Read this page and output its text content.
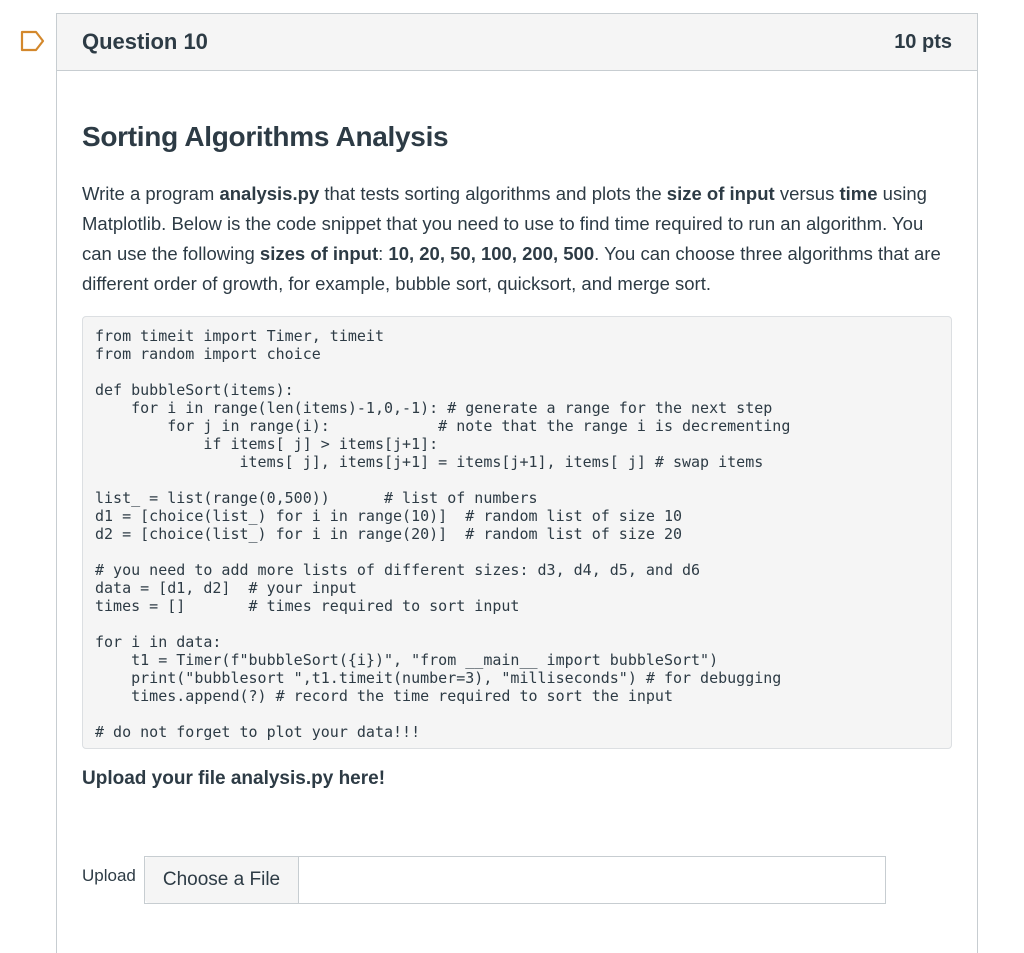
Question 10	10 pts
Sorting Algorithms Analysis

Write a program analysis.py that tests sorting algorithms and plots the size of input versus time using Matplotlib. Below is the code snippet that you need to use to find time required to run an algorithm. You can use the following sizes of input: 10, 20, 50, 100, 200, 500. You can choose three algorithms that are different order of growth, for example, bubble sort, quicksort, and merge sort.

from timeit import Timer, timeit
from random import choice
def bubbleSort(items):
for i in range(len(items)-1,0,-1): # generate a range for the next step
for j in range(i):            # note that the range i is decrementing
if items[ j] > items[j+1]:
items[ j], items[j+1] = items[j+1], items[ j] # swap items
list_ = list(range(0,500))      # list of numbers
d1 = [choice(list_) for i in range(10)]  # random list of size 10
d2 = [choice(list_) for i in range(20)]  # random list of size 20
# you need to add more lists of different sizes: d3, d4, d5, and d6
data = [d1, d2]  # your input
times = []       # times required to sort input
for i in data:
t1 = Timer(f"bubbleSort({i})", "from __main__ import bubbleSort")
print("bubblesort ",t1.timeit(number=3), "milliseconds") # for debugging
times.append(?) # record the time required to sort the input
# do not forget to plot your data!!!
Upload your file analysis.py here!
Upload	Choose a File
